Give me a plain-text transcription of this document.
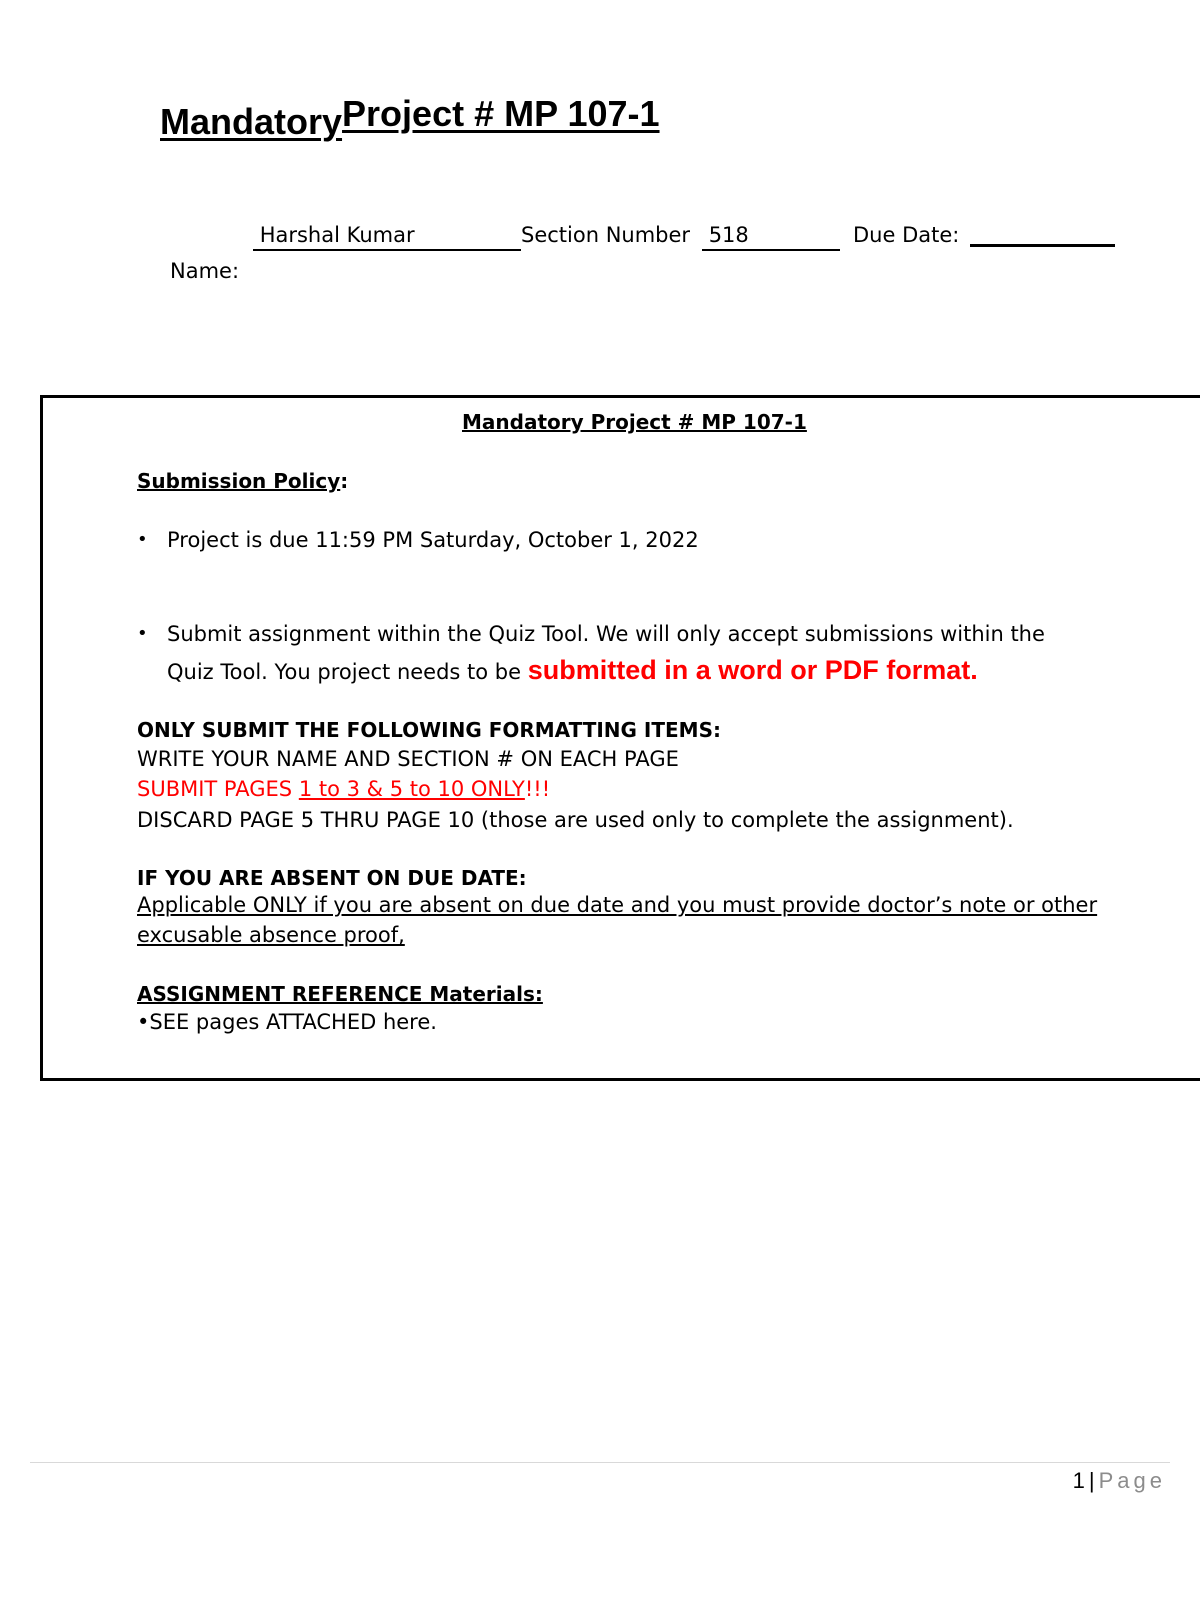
MandatoryProject # MP 107-1
Harshal Kumar	Section Number 518	Due Date:
Name:
Mandatory Project # MP 107-1
Submission Policy:
• Project is due 11:59 PM Saturday, October 1, 2022
• Submit assignment within the Quiz Tool. We will only accept submissions within the
Quiz Tool. You project needs to be submitted in a word or PDF format.
ONLY SUBMIT THE FOLLOWING FORMATTING ITEMS:
WRITE YOUR NAME AND SECTION # ON EACH PAGE
SUBMIT PAGES 1 to 3 & 5 to 10 ONLY!!!
DISCARD PAGE 5 THRU PAGE 10 (those are used only to complete the assignment).
IF YOU ARE ABSENT ON DUE DATE:
Applicable ONLY if you are absent on due date and you must provide doctor’s note or other
excusable absence proof,
ASSIGNMENT REFERENCE Materials:
•SEE pages ATTACHED here.
1 | Page
